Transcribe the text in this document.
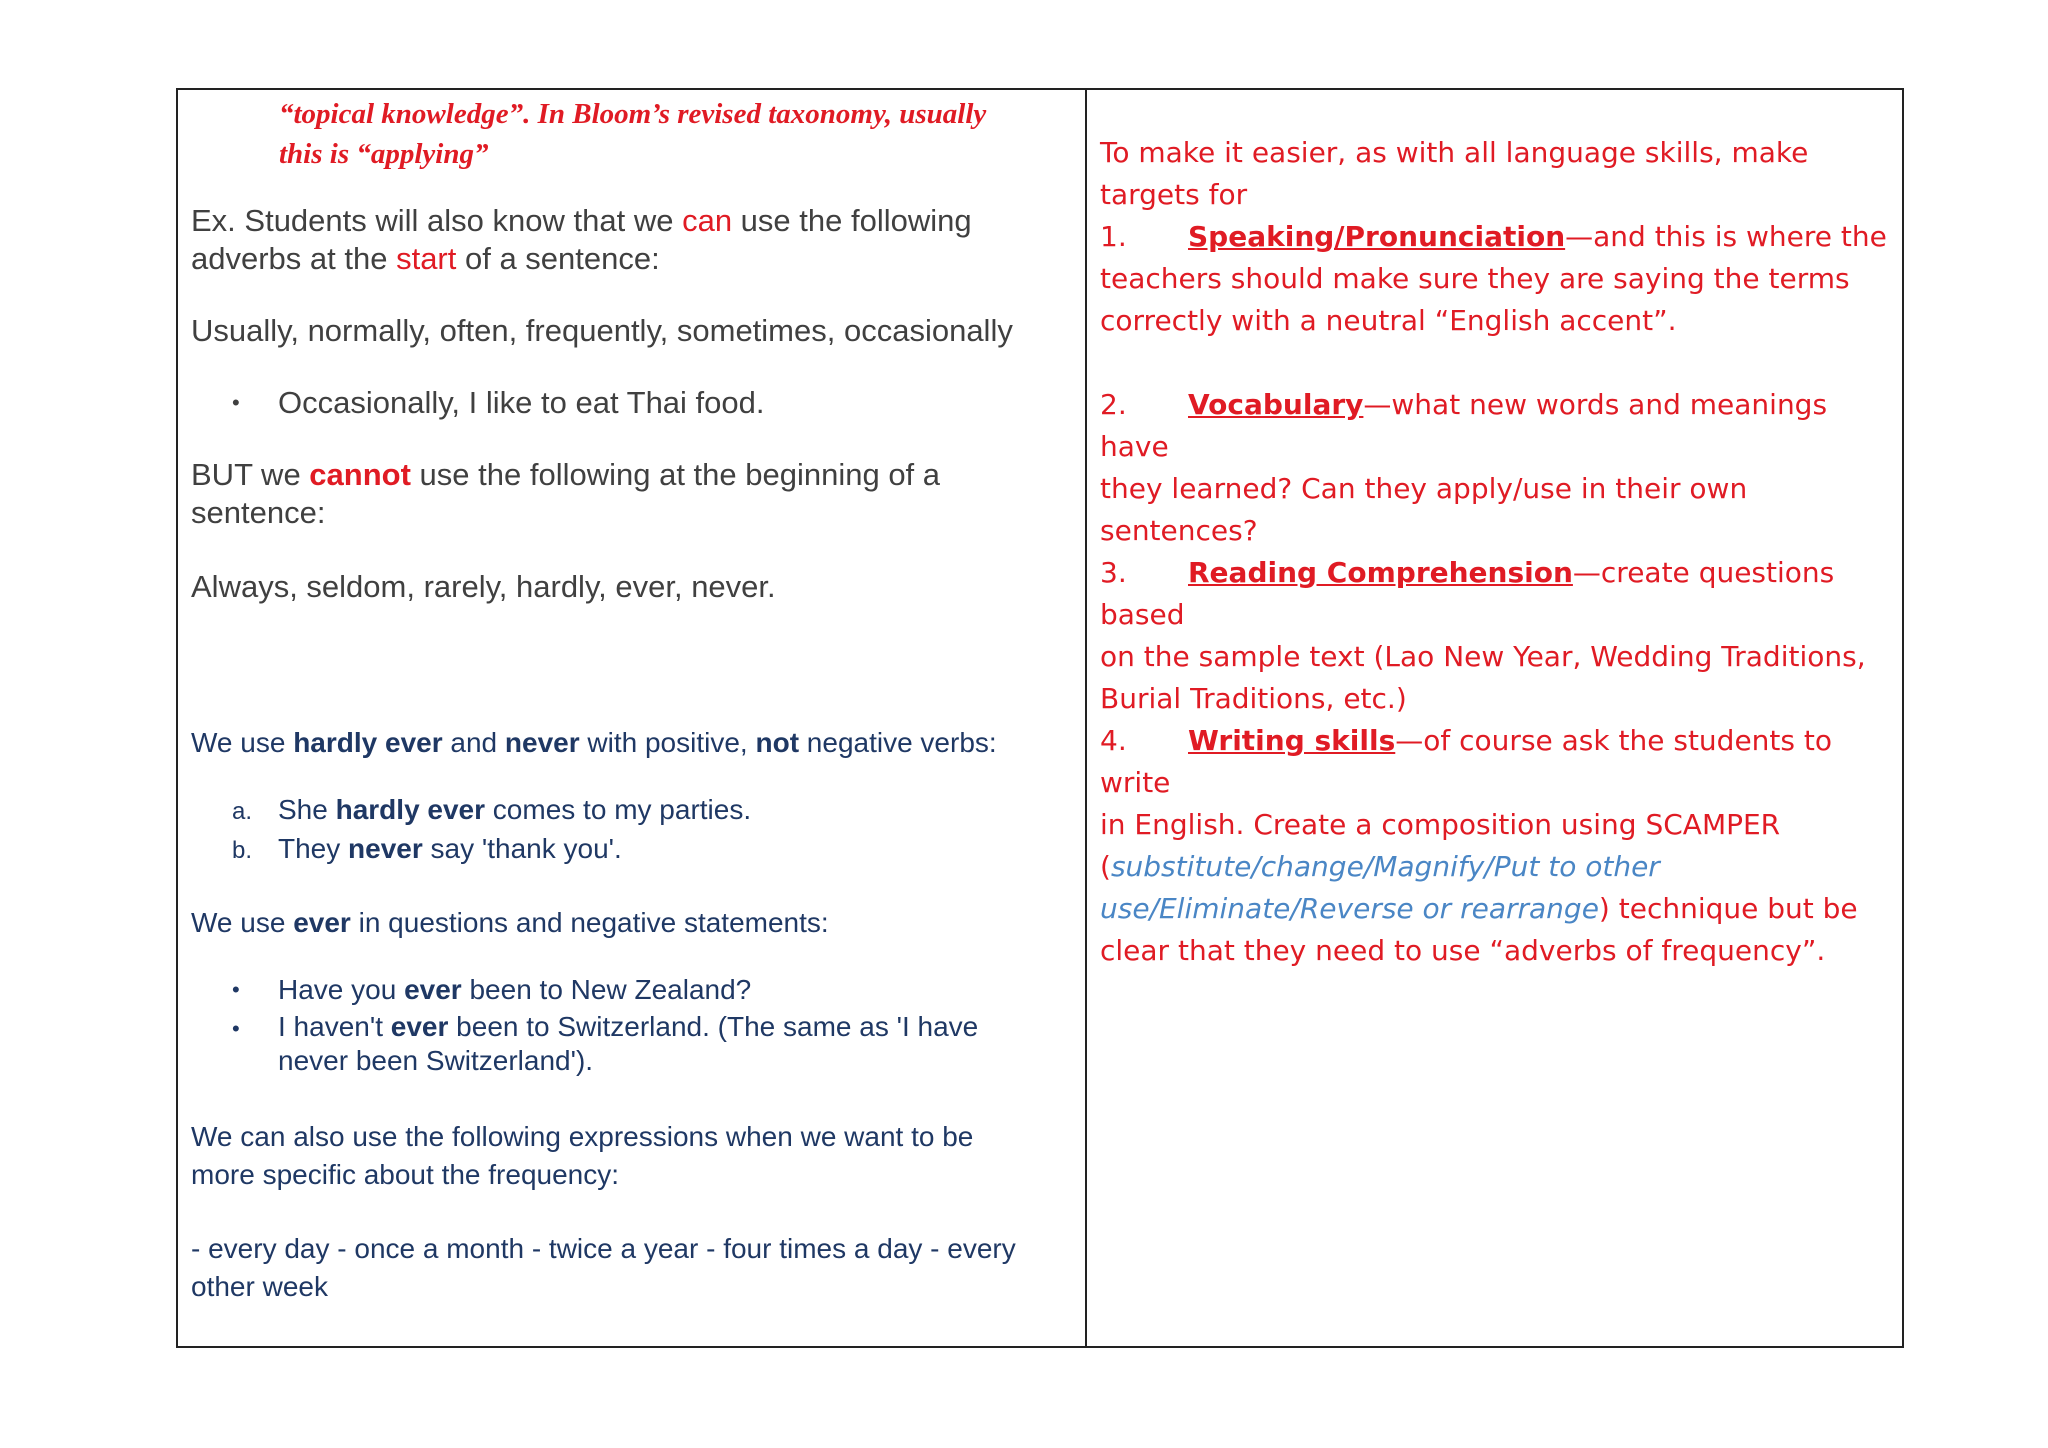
“topical knowledge”. In Bloom’s revised taxonomy, usually
this is “applying”
Ex. Students will also know that we can use the following
adverbs at the start of a sentence:
Usually, normally, often, frequently, sometimes, occasionally
•	Occasionally, I like to eat Thai food.
BUT we cannot use the following at the beginning of a
sentence:
Always, seldom, rarely, hardly, ever, never.
We use hardly ever and never with positive, not negative verbs:
a. She hardly ever comes to my parties.
b. They never say 'thank you'.
We use ever in questions and negative statements:
•	Have you ever been to New Zealand?
•	I haven't ever been to Switzerland. (The same as 'I have
never been Switzerland').
We can also use the following expressions when we want to be
more specific about the frequency:
- every day - once a month - twice a year - four times a day - every
other week
To make it easier, as with all language skills, make
targets for
1. Speaking/Pronunciation—and this is where the
teachers should make sure they are saying the terms
correctly with a neutral “English accent”.
2. Vocabulary—what new words and meanings have
they learned? Can they apply/use in their own
sentences?
3. Reading Comprehension—create questions based
on the sample text (Lao New Year, Wedding Traditions,
Burial Traditions, etc.)
4. Writing skills—of course ask the students to write
in English. Create a composition using SCAMPER
(substitute/change/Magnify/Put to other
use/Eliminate/Reverse or rearrange) technique but be
clear that they need to use “adverbs of frequency”.
